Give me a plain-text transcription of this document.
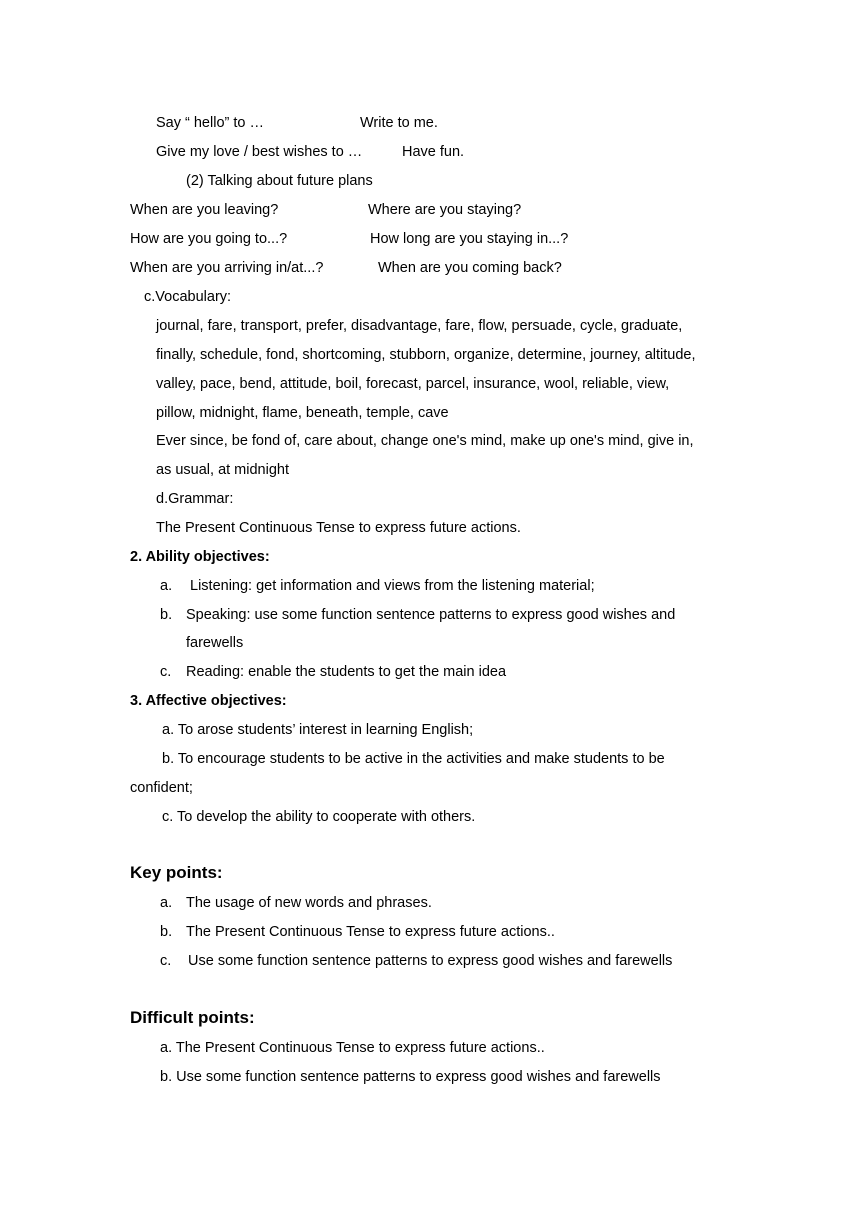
Say “ hello” to …	Write to me.
Give my love / best wishes to …	Have fun.
(2) Talking about future plans
When are you leaving?	Where are you staying?
How are you going to...?	How long are you staying in...?
When are you arriving in/at...?	When are you coming back?
c.Vocabulary:
journal, fare, transport, prefer, disadvantage, fare, flow, persuade, cycle, graduate,
finally, schedule, fond, shortcoming, stubborn, organize, determine, journey, altitude,
valley, pace, bend, attitude, boil, forecast, parcel, insurance, wool, reliable, view,
pillow, midnight, flame, beneath, temple, cave
Ever since, be fond of, care about, change one's mind, make up one's mind, give in,
as usual, at midnight
d.Grammar:
The Present Continuous Tense to express future actions.
2. Ability objectives:
a. Listening: get information and views from the listening material;
b. Speaking: use some function sentence patterns to express good wishes and
farewells
c. Reading: enable the students to get the main idea
3. Affective objectives:
a. To arose students’ interest in learning English;
b. To encourage students to be active in the activities and make students to be
confident;
c. To develop the ability to cooperate with others.
Key points:
a. The usage of new words and phrases.
b. The Present Continuous Tense to express future actions..
c. Use some function sentence patterns to express good wishes and farewells
Difficult points:
a. The Present Continuous Tense to express future actions..
b. Use some function sentence patterns to express good wishes and farewells
